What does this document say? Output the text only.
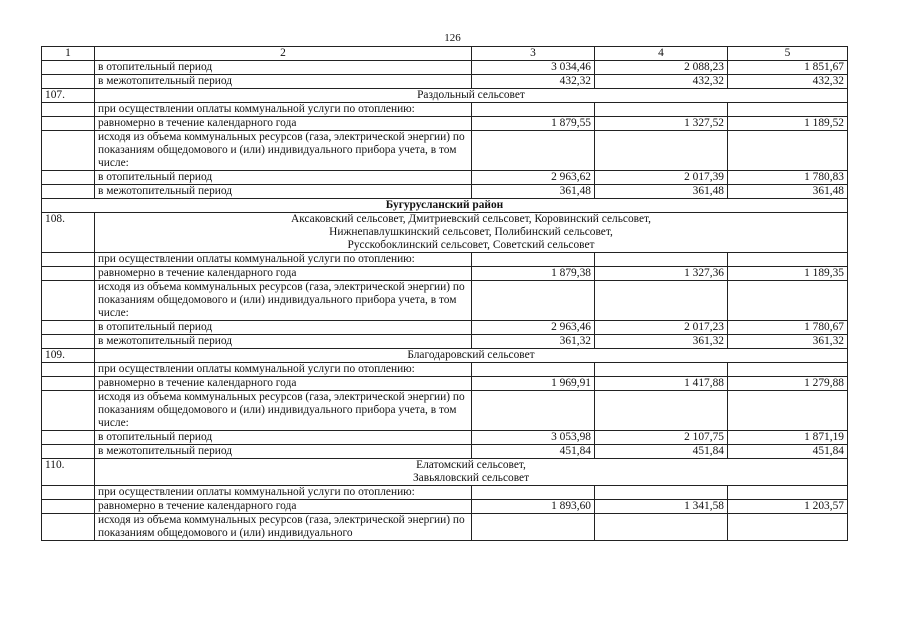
126
1	2	3	4	5
	в отопительный период	3 034,46	2 088,23	1 851,67
	в межотопительный период	432,32	432,32	432,32
107.	Раздольный сельсовет			

	при осуществлении оплаты коммунальной услуги по отоплению:			
	равномерно в течение календарного года	1 879,55	1 327,52	1 189,52
	исходя из объема коммунальных ресурсов (газа, электрической энергии) по показаниям общедомового и (или) индивидуального прибора учета, в том числе:			
	в отопительный период	2 963,62	2 017,39	1 780,83
	в межотопительный период	361,48	361,48	361,48
Бугурусланский район				
108.	Аксаковский сельсовет, Дмитриевский сельсовет, Коровинский сельсовет,
Нижнепавлушкинский сельсовет, Полибинский сельсовет,
Русскобоклинский сельсовет, Советский сельсовет			

	при осуществлении оплаты коммунальной услуги по отоплению:			
	равномерно в течение календарного года	1 879,38	1 327,36	1 189,35
	исходя из объема коммунальных ресурсов (газа, электрической энергии) по показаниям общедомового и (или) индивидуального прибора учета, в том числе:			
	в отопительный период	2 963,46	2 017,23	1 780,67
	в межотопительный период	361,32	361,32	361,32
109.	Благодаровский сельсовет			

	при осуществлении оплаты коммунальной услуги по отоплению:			
	равномерно в течение календарного года	1 969,91	1 417,88	1 279,88
	исходя из объема коммунальных ресурсов (газа, электрической энергии) по показаниям общедомового и (или) индивидуального прибора учета, в том числе:			
	в отопительный период	3 053,98	2 107,75	1 871,19
	в межотопительный период	451,84	451,84	451,84
110.	Елатомский сельсовет,
Завьяловский сельсовет			

	при осуществлении оплаты коммунальной услуги по отоплению:			
	равномерно в течение календарного года	1 893,60	1 341,58	1 203,57
	исходя из объема коммунальных ресурсов (газа, электрической энергии) по показаниям общедомового и (или) индивидуального			
